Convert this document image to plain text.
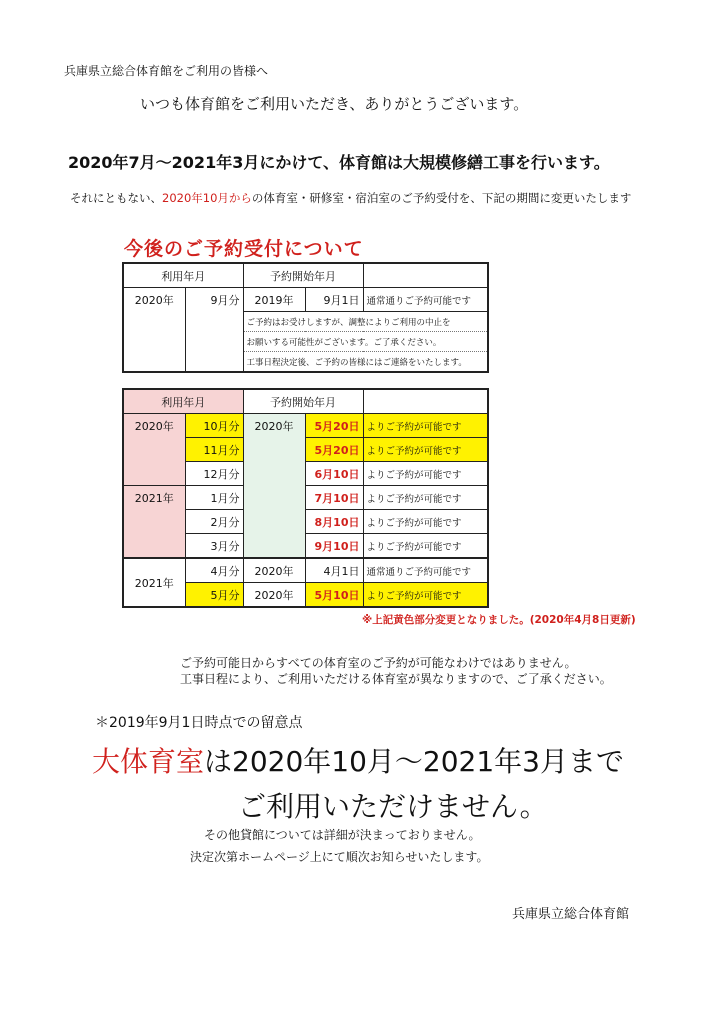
兵庫県立総合体育館をご利用の皆様へ
いつも体育館をご利用いただき、ありがとうございます。
2020年7月～2021年3月にかけて、体育館は大規模修繕工事を行います。
それにともない、2020年10月からの体育室・研修室・宿泊室のご予約受付を、下記の期間に変更いたします
今後のご予約受付について
利用年月		予約開始年月		
2020年	9月分	2019年	9月1日	通常通りご予約可能です
		ご予約はお受けしますが、調整によりご利用の中止を		
		お願いする可能性がございます。ご了承ください。		
		工事日程決定後、ご予約の皆様にはご連絡をいたします。		
利用年月		予約開始年月		
2020年	10月分	2020年	5月20日	よりご予約が可能です
	11月分		5月20日	よりご予約が可能です
	12月分		6月10日	よりご予約が可能です
2021年	1月分		7月10日	よりご予約が可能です
	2月分		8月10日	よりご予約が可能です
	3月分		9月10日	よりご予約が可能です
2021年	4月分	2020年	4月1日	通常通りご予約可能です
	5月分	2020年	5月10日	よりご予約が可能です
※上記黄色部分変更となりました。(2020年4月8日更新)
ご予約可能日からすべての体育室のご予約が可能なわけではありません。
工事日程により、ご利用いただける体育室が異なりますので、ご了承ください。
＊2019年9月1日時点での留意点
大体育室は2020年10月～2021年3月まで
ご利用いただけません。
その他貸館については詳細が決まっておりません。
決定次第ホームページ上にて順次お知らせいたします。
兵庫県立総合体育館
